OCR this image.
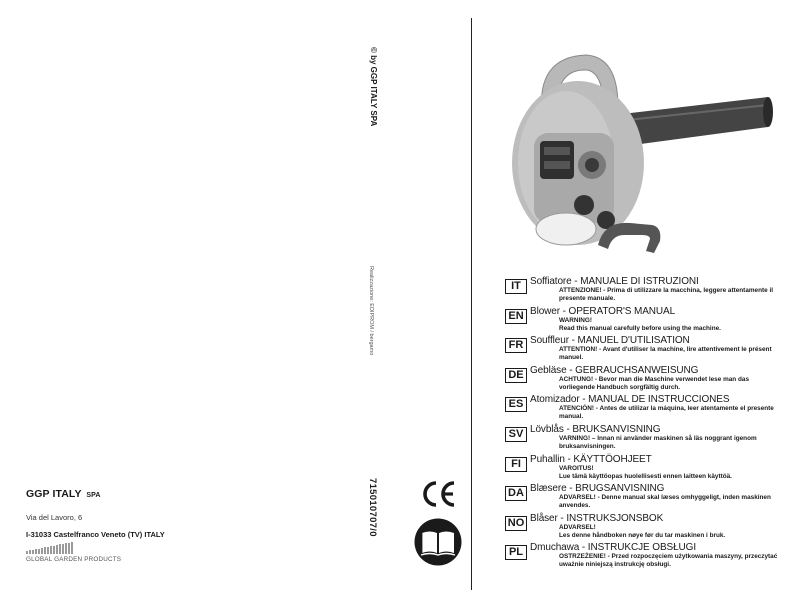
GGP ITALY SPA
Via del Lavoro, 6
I-31033 Castelfranco Veneto (TV) ITALY
GLOBAL GARDEN PRODUCTS
© by GGP ITALY SPA
Realizzazione: EDIPROM / bergamo
715010707/0
IT Soffiatore - MANUALE DI ISTRUZIONI
ATTENZIONE! - Prima di utilizzare la macchina, leggere attentamente il presente manuale.
EN Blower - OPERATOR'S MANUAL
WARNING!
Read this manual carefully before using the machine.
FR Souffleur - MANUEL D'UTILISATION
ATTENTION! - Avant d'utiliser la machine, lire attentivement le présent manuel.
DE Gebläse - GEBRAUCHSANWEISUNG
ACHTUNG! - Bevor man die Maschine verwendet lese man das vorliegende Handbuch sorgfältig durch.
ES Atomizador - MANUAL DE INSTRUCCIONES
ATENCIÓN! - Antes de utilizar la máquina, leer atentamente el presente manual.
SV Lövblås - BRUKSANVISNING
VARNING! – Innan ni använder maskinen så läs noggrant igenom bruksanvisningen.
FI Puhallin - KÄYTTÖOHJEET
VAROITUS!
Lue tämä käyttöopas huolellisesti ennen laitteen käyttöä.
DA Blæsere - BRUGSANVISNING
ADVARSEL! - Denne manual skal læses omhyggeligt, inden maskinen anvendes.
NO Blåser - INSTRUKSJONSBOK
ADVARSEL!
Les denne håndboken nøye før du tar maskinen i bruk.
PL Dmuchawa - INSTRUKCJE OBSŁUGI
OSTRZEŻENIE! - Przed rozpoczęciem użytkowania maszyny, przeczytać uważnie niniejszą instrukcję obsługi.
